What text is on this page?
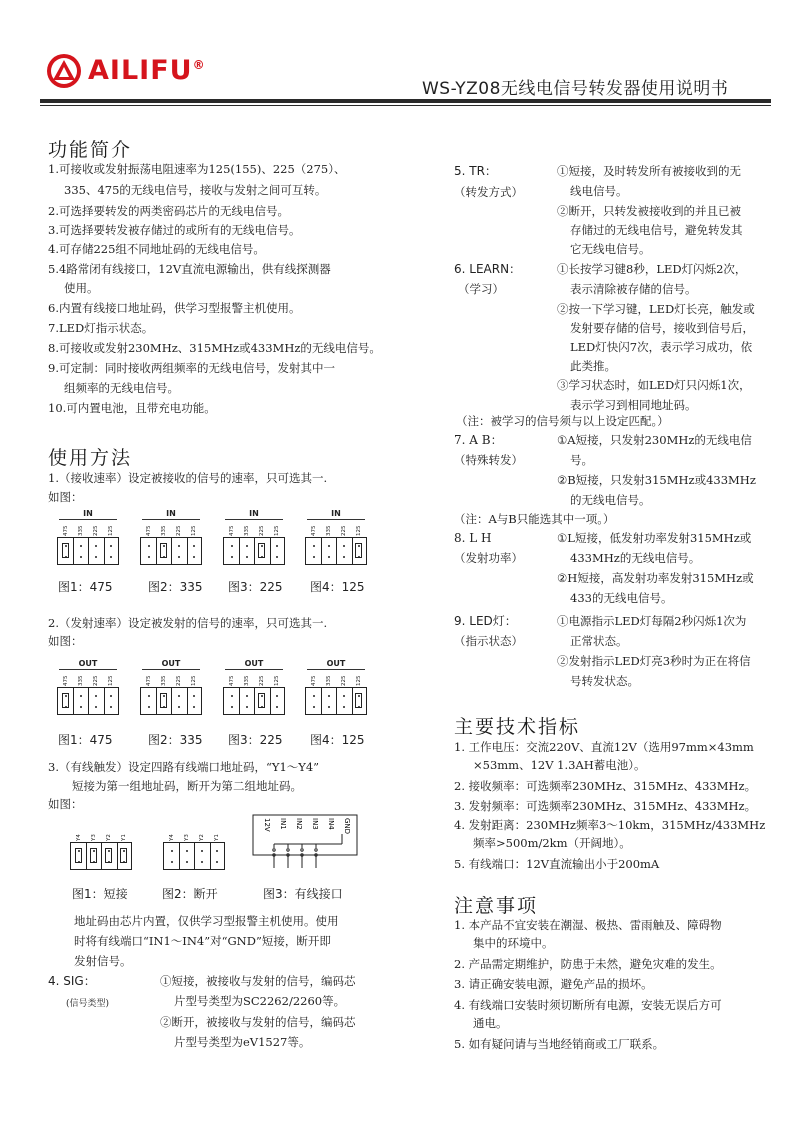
AILIFU®
WS-YZ08无线电信号转发器使用说明书
功能简介
1.可接收或发射振荡电阻速率为125(155)、225（275）、
335、475的无线电信号，接收与发射之间可互转。
2.可选择要转发的两类密码芯片的无线电信号。
3.可选择要转发被存储过的或所有的无线电信号。
4.可存储225组不同地址码的无线电信号。
5.4路常闭有线接口，12V直流电源输出，供有线探测器
使用。
6.内置有线接口地址码，供学习型报警主机使用。
7.LED灯指示状态。
8.可接收或发射230MHz、315MHz或433MHz的无线电信号。
9.可定制：同时接收两组频率的无线电信号，发射其中一
组频率的无线电信号。
10.可内置电池，且带充电功能。
使用方法
1.（接收速率）设定被接收的信号的速率，只可选其一.
如图：
IN
475 335 225 125
IN
475 335 225 125
IN
475 335 225 125
IN
475 335 225 125
图1：475	图2：335 图3：225 图4：125
2.（发射速率）设定被发射的信号的速率，只可选其一.
如图：
OUT
475 335 225 125
OUT
475 335 225 125
OUT
475 335 225 125
OUT
475 335 225 125
图1：475	图2：335 图3：225 图4：125
3.（有线触发）设定四路有线端口地址码，“Y1～Y4”
短接为第一组地址码，断开为第二组地址码。
如图：
Y4 Y3 Y2 Y1	Y4 Y3 Y2 Y1
12V IN1 IN2 IN3 IN4 GND
图1：短接	图2：断开	图3：有线接口
地址码由芯片内置，仅供学习型报警主机使用。使用
时将有线端口“IN1～IN4”对“GND”短接，断开即
发射信号。
4. SIG：
(信号类型)
①短接，被接收与发射的信号，编码芯
片型号类型为SC2262/2260等。
②断开，被接收与发射的信号，编码芯
片型号类型为eV1527等。
5. TR：
（转发方式）
①短接，及时转发所有被接收到的无
线电信号。
②断开，只转发被接收到的并且已被
存储过的无线电信号，避免转发其
它无线电信号。
6. LEARN：
（学习）
①长按学习键8秒，LED灯闪烁2次，
表示清除被存储的信号。
②按一下学习键，LED灯长亮，触发或
发射要存储的信号，接收到信号后，
LED灯快闪7次，表示学习成功，依
此类推。
③学习状态时，如LED灯只闪烁1次，
表示学习到相同地址码。
（注：被学习的信号须与以上设定匹配。）
7. A B：
（特殊转发）
①A短接，只发射230MHz的无线电信
号。
②B短接，只发射315MHz或433MHz
的无线电信号。
（注：A与B只能选其中一项。）
8. L H
（发射功率）
①L短接，低发射功率发射315MHz或
433MHz的无线电信号。
②H短接，高发射功率发射315MHz或
433的无线电信号。
9. LED灯：
（指示状态）
①电源指示LED灯每隔2秒闪烁1次为
正常状态。
②发射指示LED灯亮3秒时为正在将信
号转发状态。
主要技术指标
1. 工作电压：交流220V、直流12V（选用97mm×43mm
×53mm、12V 1.3AH蓄电池）。
2. 接收频率：可选频率230MHz、315MHz、433MHz。
3. 发射频率：可选频率230MHz、315MHz、433MHz。
4. 发射距离：230MHz频率3～10km，315MHz/433MHz
频率>500m/2km（开阔地）。
5. 有线端口：12V直流输出小于200mA
注意事项
1. 本产品不宜安装在潮湿、极热、雷雨触及、障碍物
集中的环境中。
2. 产品需定期维护，防患于未然，避免灾难的发生。
3. 请正确安装电源，避免产品的损坏。
4. 有线端口安装时须切断所有电源，安装无误后方可
通电。
5. 如有疑问请与当地经销商或工厂联系。
